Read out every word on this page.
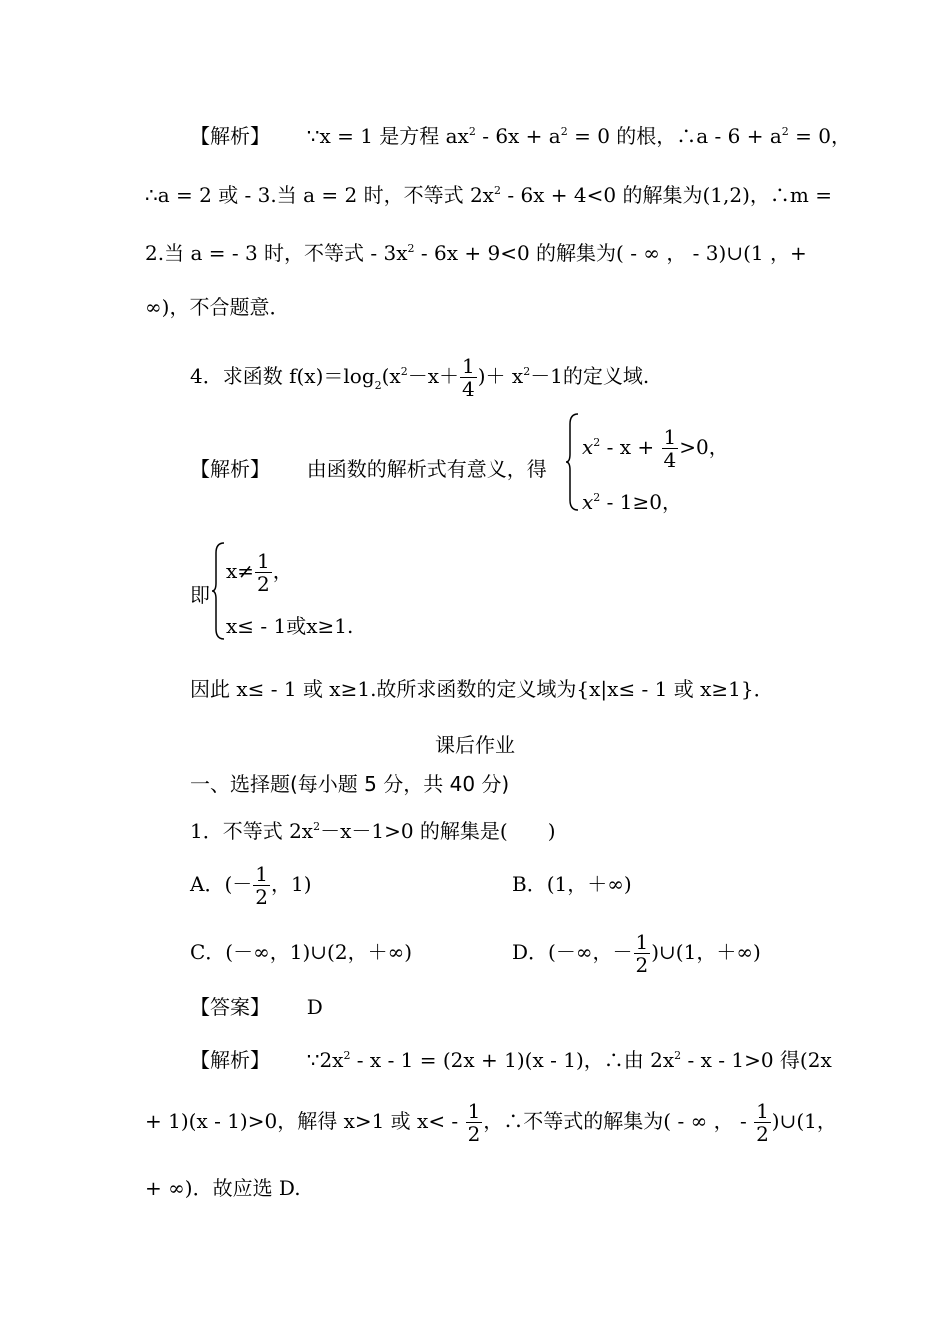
【解析】 ∵x = 1 是方程 $ax^2 - 6x + a^2 = 0$ 的根，∴a - $6 + a^2 = 0$，
∴a = 2 或 - 3.当 a = 2 时，不等式 $2x^2 - 6x + 4<0$ 的解集为(1,2)，∴m =
2.当 a = - 3 时，不等式 - $3x^2 - 6x + 9<0$ 的解集为( - ∞ ， - 3)∪(1 ，+
∞)，不合题意．
4．求函数 $f(x)=\log_2(x^2-x+ \frac{1}{4}$ )＋ $x^2-1$的定义域.
【解析】 由函数的解析式有意义，得
$x^2 - x + \frac{1}{4} >0$，
$x^2 - 1\ge 0$，
即
$x\ne \frac{1}{2}$ ，
x≤ - 1或x≥1.
因此 x≤ - 1 或 x≥1.故所求函数的定义域为{x|x≤ - 1 或 x≥1}．
课后作业
一、选择题(每小题 5 分，共 40 分)
1．不等式 $2x^2-x-1>0$ 的解集是(　　)
A．(－ $\frac{1}{2}$ ，1)	B．(1，＋∞)
C．(－∞，1)∪(2，＋∞)	D．(－∞，－ $\frac{1}{2}$ )∪(1，＋∞)
【答案】 D
【解析】 $\because 2x^2 - x - 1 = (2x + 1)(x - 1)$，∴由 $2x^2 - x - 1>0$ 得(2x
+ 1)(x - 1)>0，解得 x>1 或 $x< - \frac{1}{2}$ ，∴不等式的解集为( - ∞ ， - $\frac{1}{2}$ )∪(1，
+ ∞)．故应选 D.
